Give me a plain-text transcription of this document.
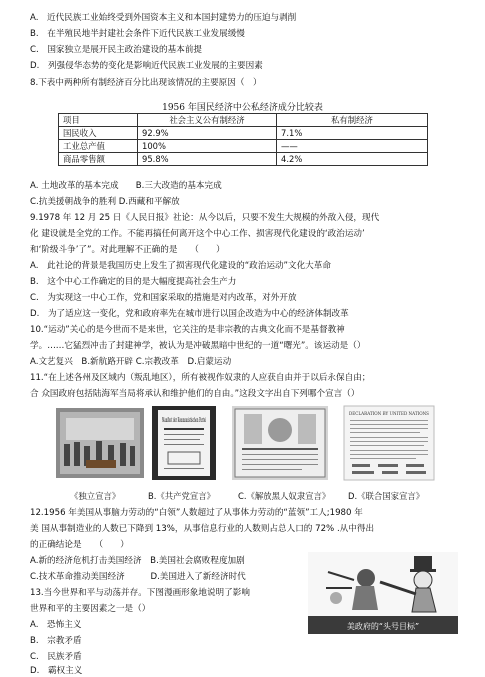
A.　近代民族工业始终受到外国资本主义和本国封建势力的压迫与剥削
B.　在半殖民地半封建社会条件下近代民族工业发展缓慢
C.　国家独立是展开民主政治建设的基本前提
D.　列强侵华态势的变化是影响近代民族工业发展的主要因素
8.下表中两种所有制经济百分比出现该情况的主要原因（　）
1956 年国民经济中公私经济成分比较表
项目	社会主义公有制经济	私有制经济
国民收入	92.9%	7.1%
工业总产值	100%	——
商品零售额	95.8%	4.2%
A. 土地改革的基本完成　　B.三大改造的基本完成
C.抗美援朝战争的胜利 D.西藏和平解放
9.1978 年 12 月 25 日《人民日报》社论：从今以后，只要不发生大规模的外敌入侵，现代
化 建设就是全党的工作。不能再搞任何离开这个中心工作、损害现代化建设的‘政治运动’
和‘阶级斗争’了”。对此理解不正确的是　　（　　）
A.　此社论的背景是我国历史上发生了损害现代化建设的“政治运动”文化大革命
B.　这个中心工作确定的目的是大幅度提高社会生产力
C.　为实现这一中心工作，党和国家采取的措施是对内改革，对外开放
D.　为了适应这一变化，党和政府率先在城市进行以国企改造为中心的经济体制改革
10.“运动”关心的是今世而不是来世，它关注的是非宗教的古典文化而不是基督教神
学。……它猛烈冲击了封建神学，被认为是冲破黑暗中世纪的一道“曙光”。该运动是（）
A.文艺复兴　B.新航路开辟 C.宗教改革　D.启蒙运动
11.“在上述各州及区域内（叛乱地区），所有被视作奴隶的人应获自由并于以后永保自由；
合 众国政府包括陆海军当局将承认和维护他们的自由。”这段文字出自下列哪个宣言（）
Manifest der Kommunistischen Partei
DECLARATION BY UNITED NATIONS
《独立宣言》	B.《共产党宣言》	C.《解放黑人奴隶宣言》 D.《联合国家宣言》
12.1956 年美国从事脑力劳动的“白领”人数超过了从事体力劳动的“蓝领”工人;1980 年
美 国从事制造业的人数已下降到 13%，从事信息行业的人数则占总人口的 72% .从中得出
的正确结论是　　（　　）
A.新的经济危机打击美国经济　B.美国社会腐败程度加剧
C.技术革命推动美国经济　　　D.美国进入了新经济时代
13.当今世界和平与动荡并存。下图漫画形象地说明了影响
世界和平的主要因素之一是（）
A.　恐怖主义
B.　宗教矛盾
C.　民族矛盾
D.　霸权主义
美政府的“头号目标”
